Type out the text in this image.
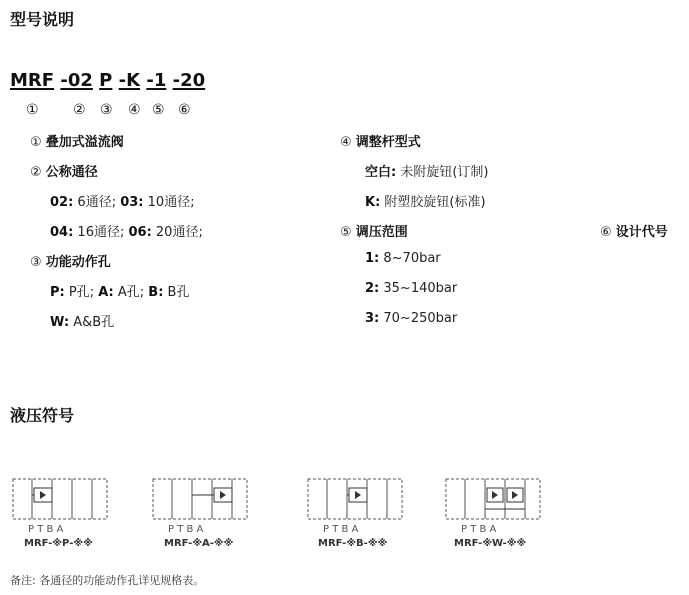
型号说明
MRF -02 P -K -1 -20
① ② ③ ④ ⑤ ⑥
① 叠加式溢流阀
② 公称通径
02: 6通径; 03: 10通径;
04: 16通径; 06: 20通径;
③ 功能动作孔
P: P孔; A: A孔; B: B孔
W: A&B孔
④ 调整杆型式
空白: 未附旋钮(订制)
K: 附塑胶旋钮(标准)
⑤ 调压范围	⑥ 设计代号
1: 8~70bar
2: 35~140bar
3: 70~250bar
液压符号
P T B A
MRF-※P-※※
P T B A
MRF-※A-※※
P T B A
MRF-※B-※※
P T B A
MRF-※W-※※
备注: 各通径的功能动作孔详见规格表。
